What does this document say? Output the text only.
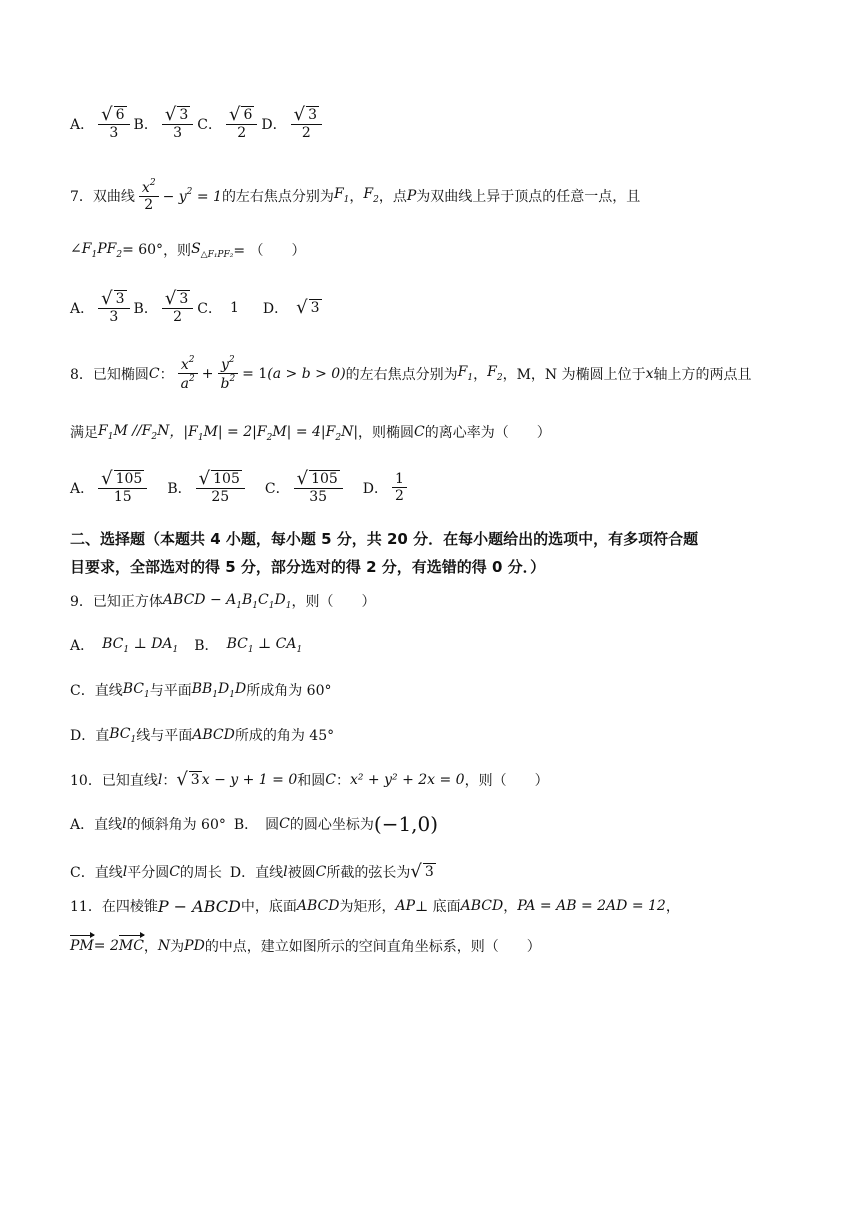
A． $\frac{√ 6}{3}$ B． $\frac{√ 3}{3}$ C． $\frac{√ 6}{2}$ D． $\frac{√ 3}{2}$
7． 双曲线 $\frac{x^2}{2} - y^2 = 1$ 的左右焦点分别为 $F_1$ ， $F_2$ ，点 P 为双曲线上异于顶点的任意一点，且
$\angle F_1PF_2 = 60^\circ$ ，则 $S_{\triangle F_1PF_2}$ = （　　）
A． $\frac{√ 3}{3}$ B． $\frac{√ 3}{2}$ C． 1 D． √ 3
8．已知椭圆 C ： $\frac{x^2}{a^2} + \frac{y^2}{b^2} = 1$ (a > b > 0) 的左右焦点分别为 $F_1$ ， $F_2$ ，M，N 为椭圆上位于 x 轴上方的两点且
满足 $F_1M$ $//F_2N$ ，$|F_1M| = 2|F_2M| = 4|F_2N|$ ，则椭圆 C 的离心率为（　　）
A． $\frac{√ 105}{15}$ B． $\frac{√ 105}{25}$ C． $\frac{√ 105}{35}$ D． $\frac{1}{2}$
二、选择题（本题共 4 小题，每小题 5 分，共 20 分．在每小题给出的选项中，有多项符合题
目要求，全部选对的得 5 分，部分选对的得 2 分，有选错的得 0 分．）
9．已知正方体 ABCD − $A_1B_1C_1D_1$ ，则（　　）
A． $BC_1$ ⊥ $DA_1$ B． $BC_1$ ⊥ $CA_1$
C．直线 $BC_1$ 与平面 $BB_1D_1D$ 所成角为 60°
D．直 $BC_1$ 线与平面 ABCD 所成的角为 45°
10．已知直线 l ： √ 3 x − y + 1 = 0 和圆 C ： x² + y² + 2x = 0 ，则（　　）
A．直线 l 的倾斜角为 60° B．　圆 C 的圆心坐标为 (−1,0)
C．直线 l 平分圆 C 的周长 D．直线 l 被圆 C 所截的弦长为 √ 3
11．在四棱锥 P − ABCD 中，底面 ABCD 为矩形， AP ⊥ 底面 ABCD ， PA = AB = 2AD = 12 ，
PM = 2 MC ， N 为 PD 的中点，建立如图所示的空间直角坐标系，则（　　）
